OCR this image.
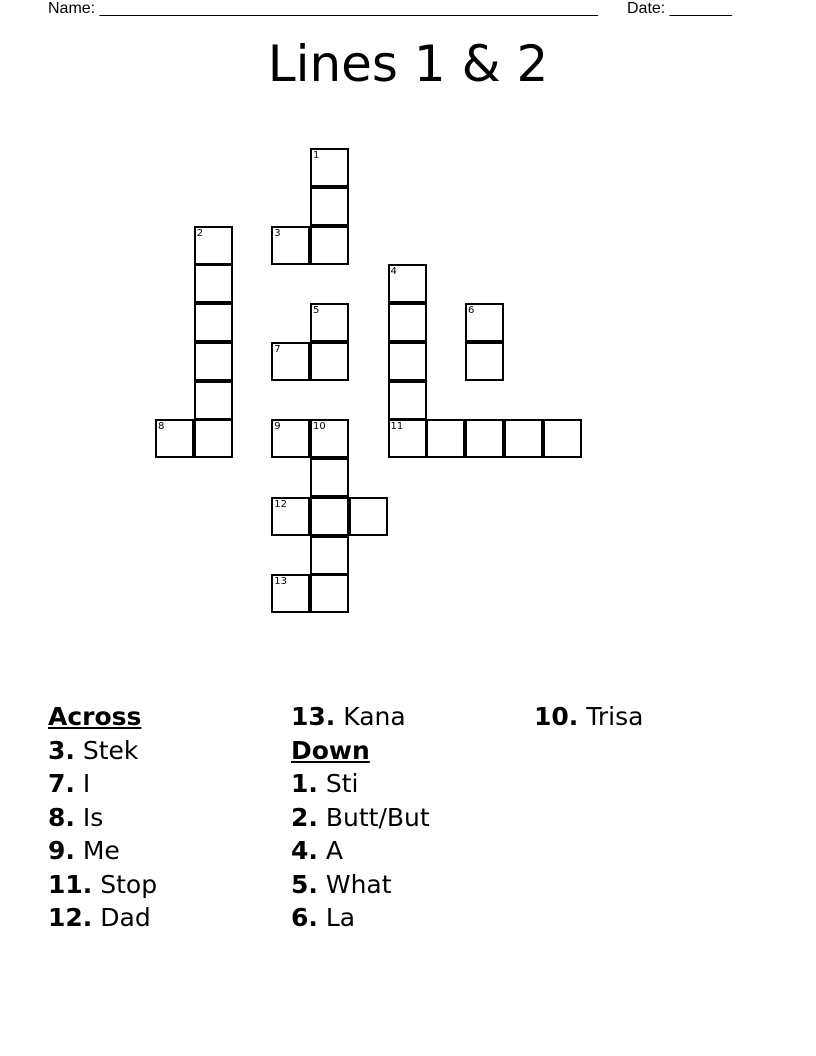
Name: ________________________________________________________ Date: _______
Lines 1 & 2
1
3
2
8
4
11
5
7
6
9	10
12
13
Across
3. Stek
7. I
8. Is
9. Me
11. Stop
12. Dad
13. Kana
Down
1. Sti
2. Butt/But
4. A
5. What
6. La
10. Trisa
